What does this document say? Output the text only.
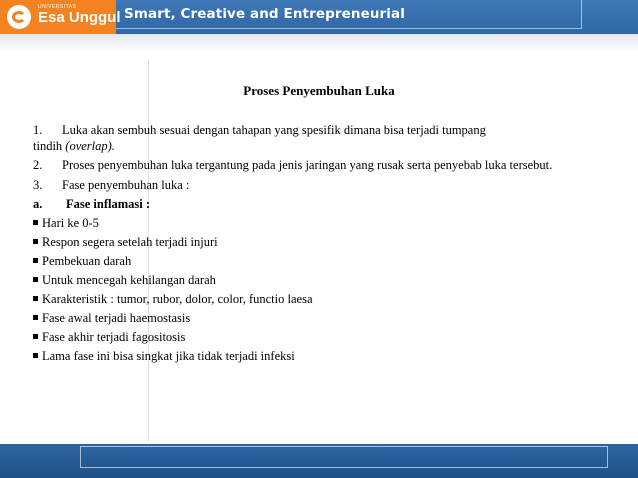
UNIVERSITAS
Esa Unggul Smart, Creative and Entrepreneurial
Proses Penyembuhan Luka
1. Luka akan sembuh sesuai dengan tahapan yang spesifik dimana bisa terjadi tumpang
tindih (overlap).
2. Proses penyembuhan luka tergantung pada jenis jaringan yang rusak serta penyebab luka tersebut.
3. Fase penyembuhan luka :
a. Fase inflamasi :
Hari ke 0-5
Respon segera setelah terjadi injuri
Pembekuan darah
Untuk mencegah kehilangan darah
Karakteristik : tumor, rubor, dolor, color, functio laesa
Fase awal terjadi haemostasis
Fase akhir terjadi fagositosis
Lama fase ini bisa singkat jika tidak terjadi infeksi
